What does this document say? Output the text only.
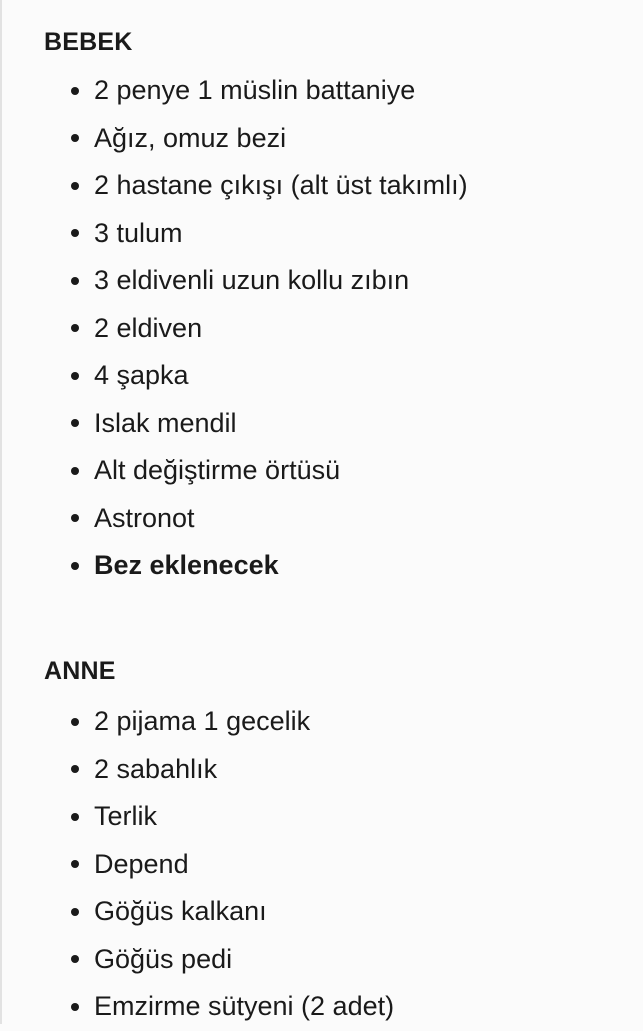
BEBEK
2 penye 1 müslin battaniye
Ağız, omuz bezi
2 hastane çıkışı (alt üst takımlı)
3 tulum
3 eldivenli uzun kollu zıbın
2 eldiven
4 şapka
Islak mendil
Alt değiştirme örtüsü
Astronot
Bez eklenecek
ANNE
2 pijama 1 gecelik
2 sabahlık
Terlik
Depend
Göğüs kalkanı
Göğüs pedi
Emzirme sütyeni (2 adet)
